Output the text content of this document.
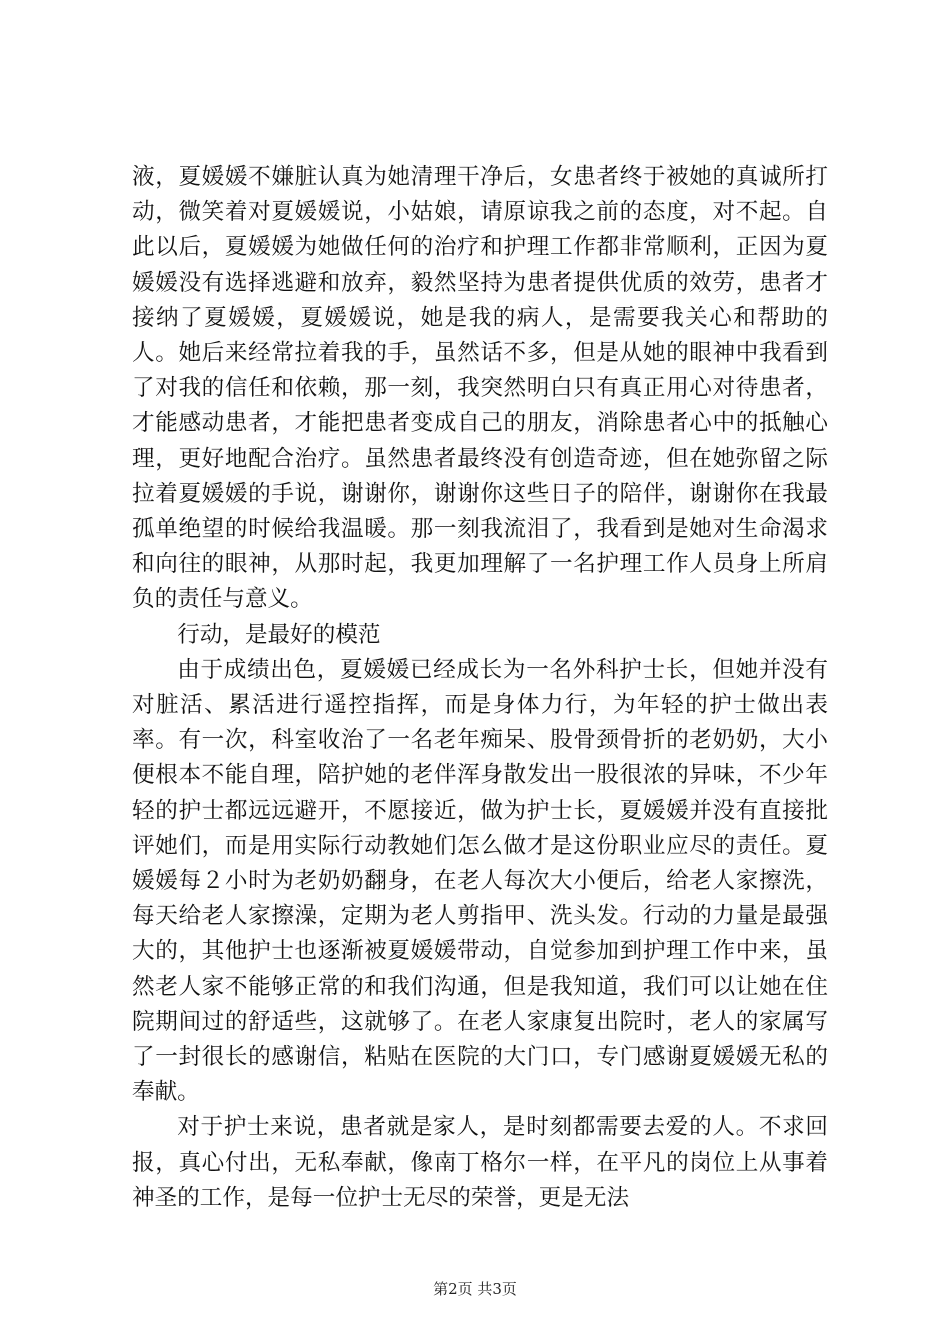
液，夏媛媛不嫌脏认真为她清理干净后，女患者终于被她的真诚所打动，微笑着对夏媛媛说，小姑娘，请原谅我之前的态度，对不起。自此以后，夏媛媛为她做任何的治疗和护理工作都非常顺利，正因为夏媛媛没有选择逃避和放弃，毅然坚持为患者提供优质的效劳，患者才接纳了夏媛媛，夏媛媛说，她是我的病人，是需要我关心和帮助的人。她后来经常拉着我的手，虽然话不多，但是从她的眼神中我看到了对我的信任和依赖，那一刻，我突然明白只有真正用心对待患者，才能感动患者，才能把患者变成自己的朋友，消除患者心中的抵触心理，更好地配合治疗。虽然患者最终没有创造奇迹，但在她弥留之际拉着夏媛媛的手说，谢谢你，谢谢你这些日子的陪伴，谢谢你在我最孤单绝望的时候给我温暖。那一刻我流泪了，我看到是她对生命渴求和向往的眼神，从那时起，我更加理解了一名护理工作人员身上所肩负的责任与意义。

行动，是最好的模范

由于成绩出色，夏媛媛已经成长为一名外科护士长，但她并没有对脏活、累活进行遥控指挥，而是身体力行，为年轻的护士做出表率。有一次，科室收治了一名老年痴呆、股骨颈骨折的老奶奶，大小便根本不能自理，陪护她的老伴浑身散发出一股很浓的异味，不少年轻的护士都远远避开，不愿接近，做为护士长，夏媛媛并没有直接批评她们，而是用实际行动教她们怎么做才是这份职业应尽的责任。夏媛媛每２小时为老奶奶翻身，在老人每次大小便后，给老人家擦洗，每天给老人家擦澡，定期为老人剪指甲、洗头发。行动的力量是最强大的，其他护士也逐渐被夏媛媛带动，自觉参加到护理工作中来，虽然老人家不能够正常的和我们沟通，但是我知道，我们可以让她在住院期间过的舒适些，这就够了。在老人家康复出院时，老人的家属写了一封很长的感谢信，粘贴在医院的大门口，专门感谢夏媛媛无私的奉献。

对于护士来说，患者就是家人，是时刻都需要去爱的人。不求回报，真心付出，无私奉献，像南丁格尔一样，在平凡的岗位上从事着神圣的工作，是每一位护士无尽的荣誉，更是无法

第2页 共3页
